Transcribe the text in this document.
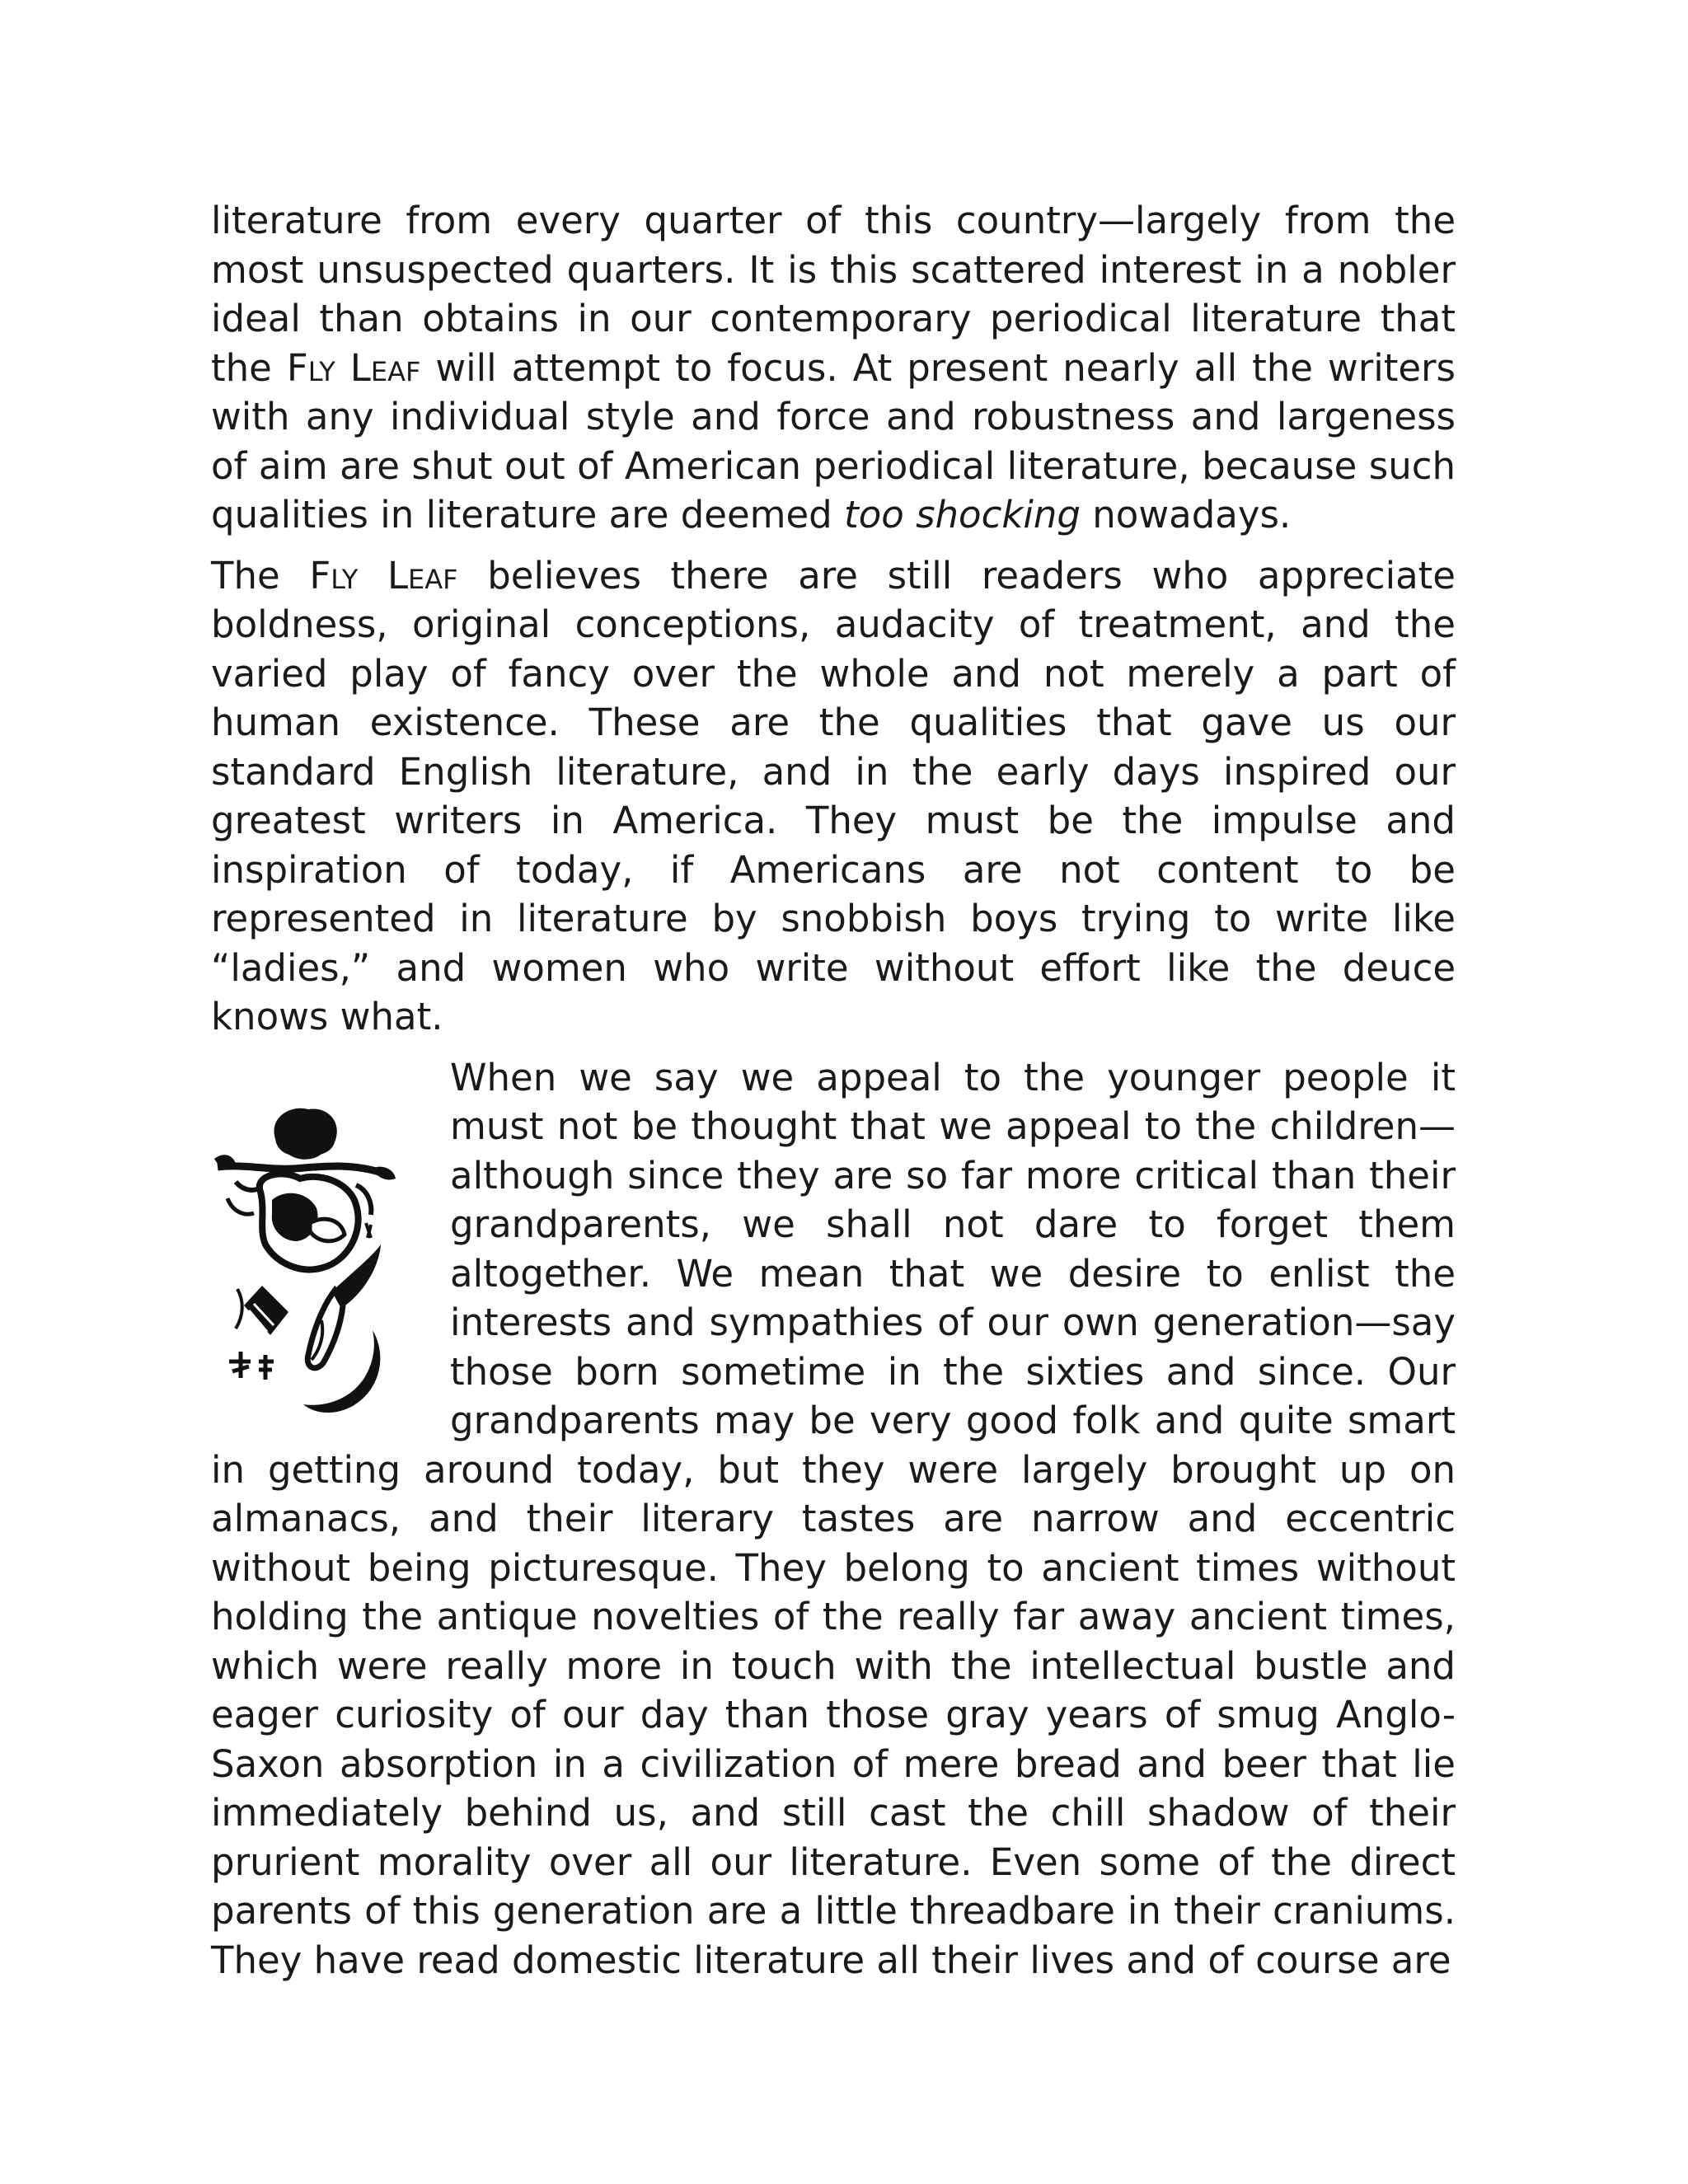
literature from every quarter of this country—largely from the most unsuspected quarters. It is this scattered interest in a nobler ideal than obtains in our contemporary periodical literature that the Fly Leaf will attempt to focus. At present nearly all the writers with any individual style and force and robustness and largeness of aim are shut out of American periodical literature, because such qualities in literature are deemed too shocking nowadays.

The Fly Leaf believes there are still readers who appreciate boldness, original conceptions, audacity of treatment, and the varied play of fancy over the whole and not merely a part of human existence. These are the qualities that gave us our standard English literature, and in the early days inspired our greatest writers in America. They must be the impulse and inspiration of today, if Americans are not content to be represented in literature by snobbish boys trying to write like “ladies,” and women who write without effort like the deuce knows what.

When we say we appeal to the younger people it must not be thought that we appeal to the children—although since they are so far more critical than their grandparents, we shall not dare to forget them altogether. We mean that we desire to enlist the interests and sympathies of our own generation—say those born sometime in the sixties and since. Our grandparents may be very good folk and quite smart in getting around today, but they were largely brought up on almanacs, and their literary tastes are narrow and eccentric without being picturesque. They belong to ancient times without holding the antique novelties of the really far away ancient times, which were really more in touch with the intellectual bustle and eager curiosity of our day than those gray years of smug Anglo-Saxon absorption in a civilization of mere bread and beer that lie immediately behind us, and still cast the chill shadow of their prurient morality over all our literature. Even some of the direct parents of this generation are a little threadbare in their craniums. They have read domestic literature all their lives and of course are
